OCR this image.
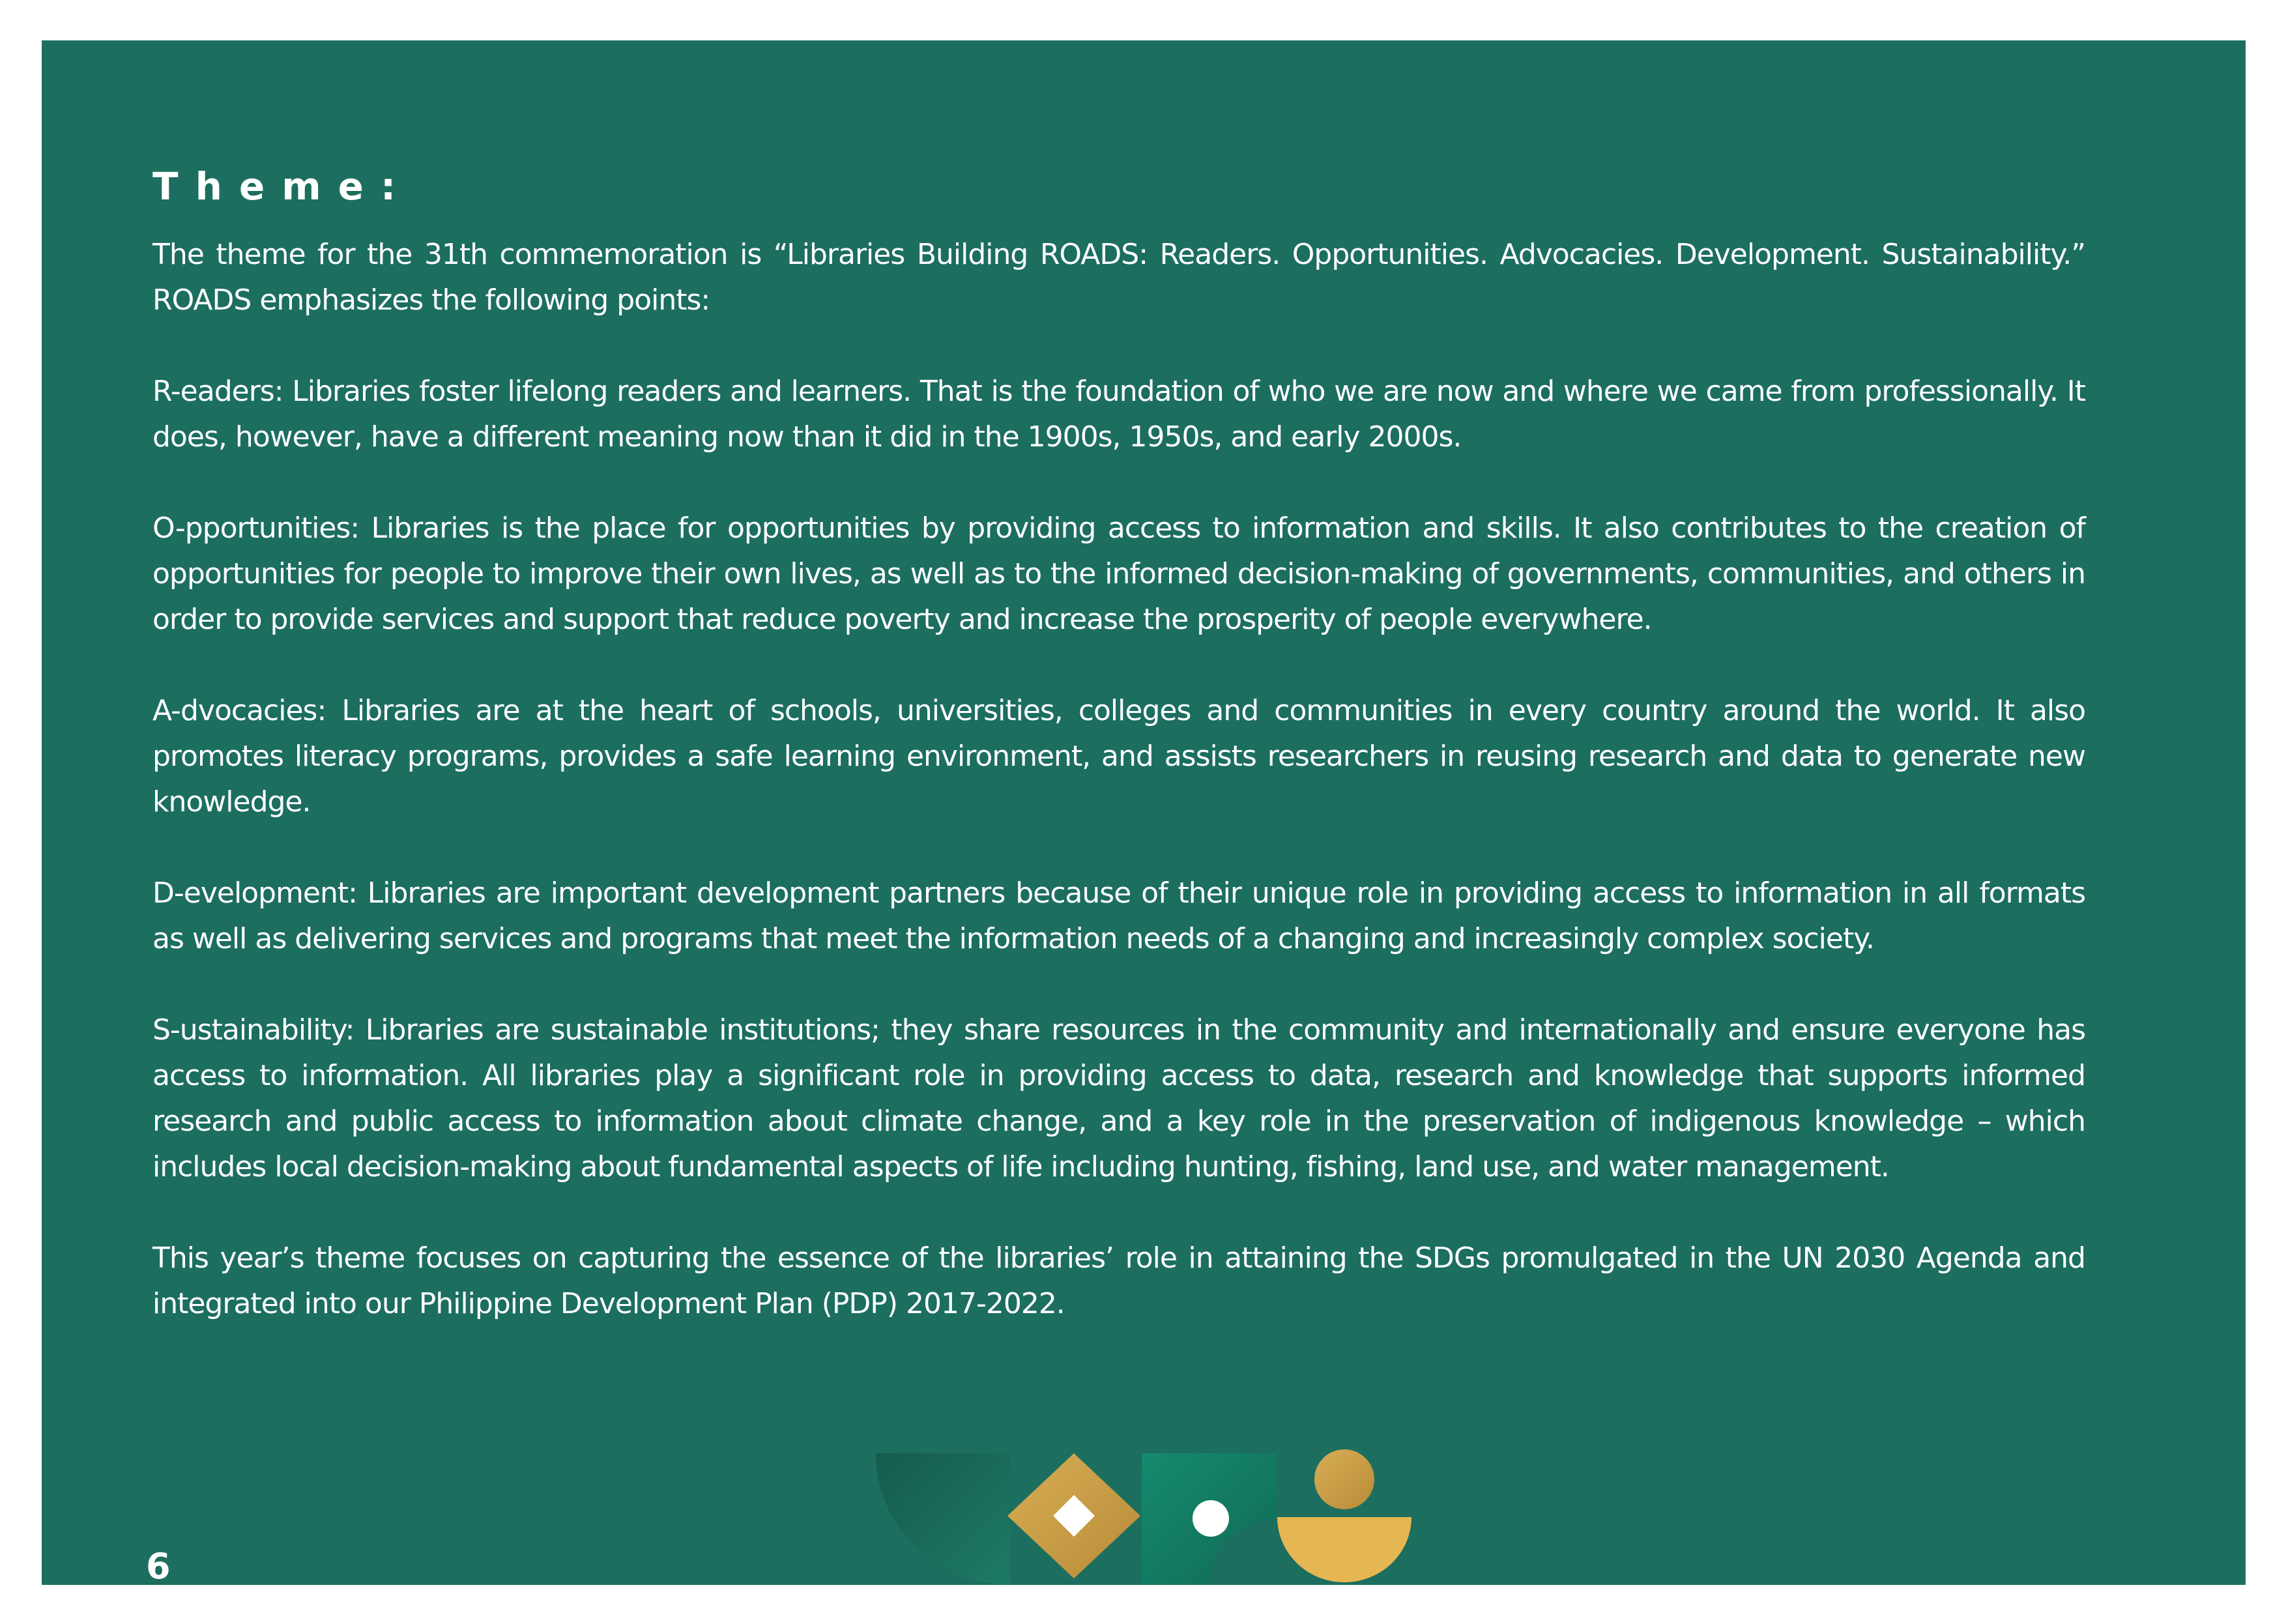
Theme:

The theme for the 31th commemoration is “Libraries Building ROADS: Readers. Opportunities. Advocacies. Development. Sustainability.” ROADS emphasizes the following points:

R-eaders: Libraries foster lifelong readers and learners. That is the foundation of who we are now and where we came from professionally. It does, however, have a different meaning now than it did in the 1900s, 1950s, and early 2000s.

O-pportunities: Libraries is the place for opportunities by providing access to information and skills. It also contributes to the creation of opportunities for people to improve their own lives, as well as to the informed decision-making of governments, communities, and others in order to provide services and support that reduce poverty and increase the prosperity of people everywhere.

A-dvocacies: Libraries are at the heart of schools, universities, colleges and communities in every country around the world. It also promotes literacy programs, provides a safe learning environment, and assists researchers in reusing research and data to generate new knowledge.

D-evelopment: Libraries are important development partners because of their unique role in providing access to information in all formats as well as delivering services and programs that meet the information needs of a changing and increasingly complex society.

S-ustainability: Libraries are sustainable institutions; they share resources in the community and internationally and ensure everyone has access to information. All libraries play a significant role in providing access to data, research and knowledge that supports informed research and public access to information about climate change, and a key role in the preservation of indigenous knowledge – which includes local decision-making about fundamental aspects of life including hunting, fishing, land use, and water management.

This year’s theme focuses on capturing the essence of the libraries’ role in attaining the SDGs promulgated in the UN 2030 Agenda and integrated into our Philippine Development Plan (PDP) 2017-2022.

6
